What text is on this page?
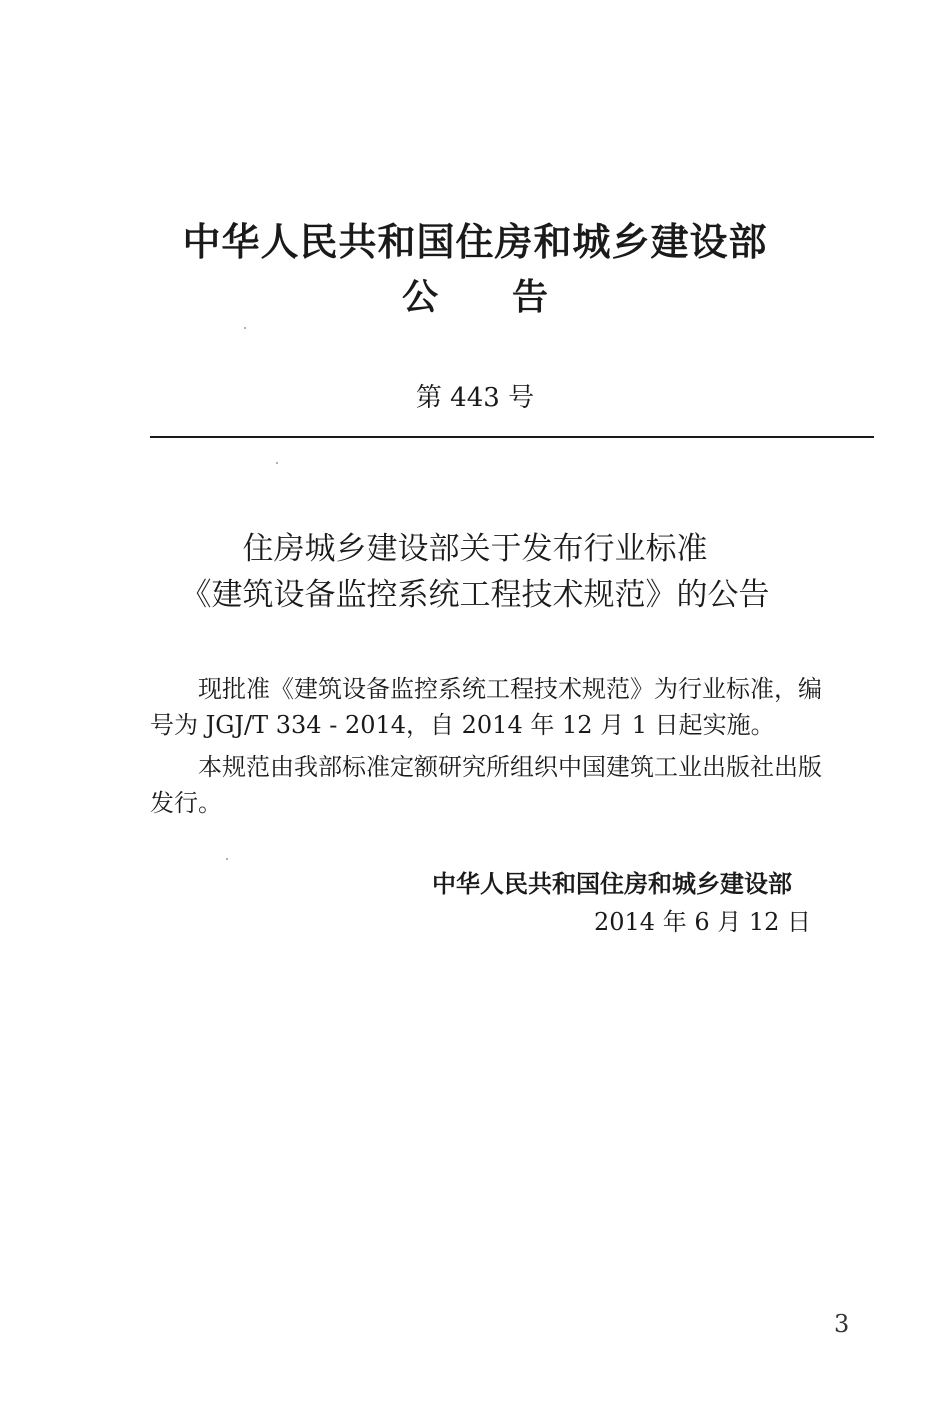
中华人民共和国住房和城乡建设部
公 告
第 443 号
住房城乡建设部关于发布行业标准
《建筑设备监控系统工程技术规范》的公告
现批准《建筑设备监控系统工程技术规范》为行业标准，编
号为 JGJ/T 334 - 2014，自 2014 年 12 月 1 日起实施。
本规范由我部标准定额研究所组织中国建筑工业出版社出版
发行。
中华人民共和国住房和城乡建设部
2014 年 6 月 12 日
3
